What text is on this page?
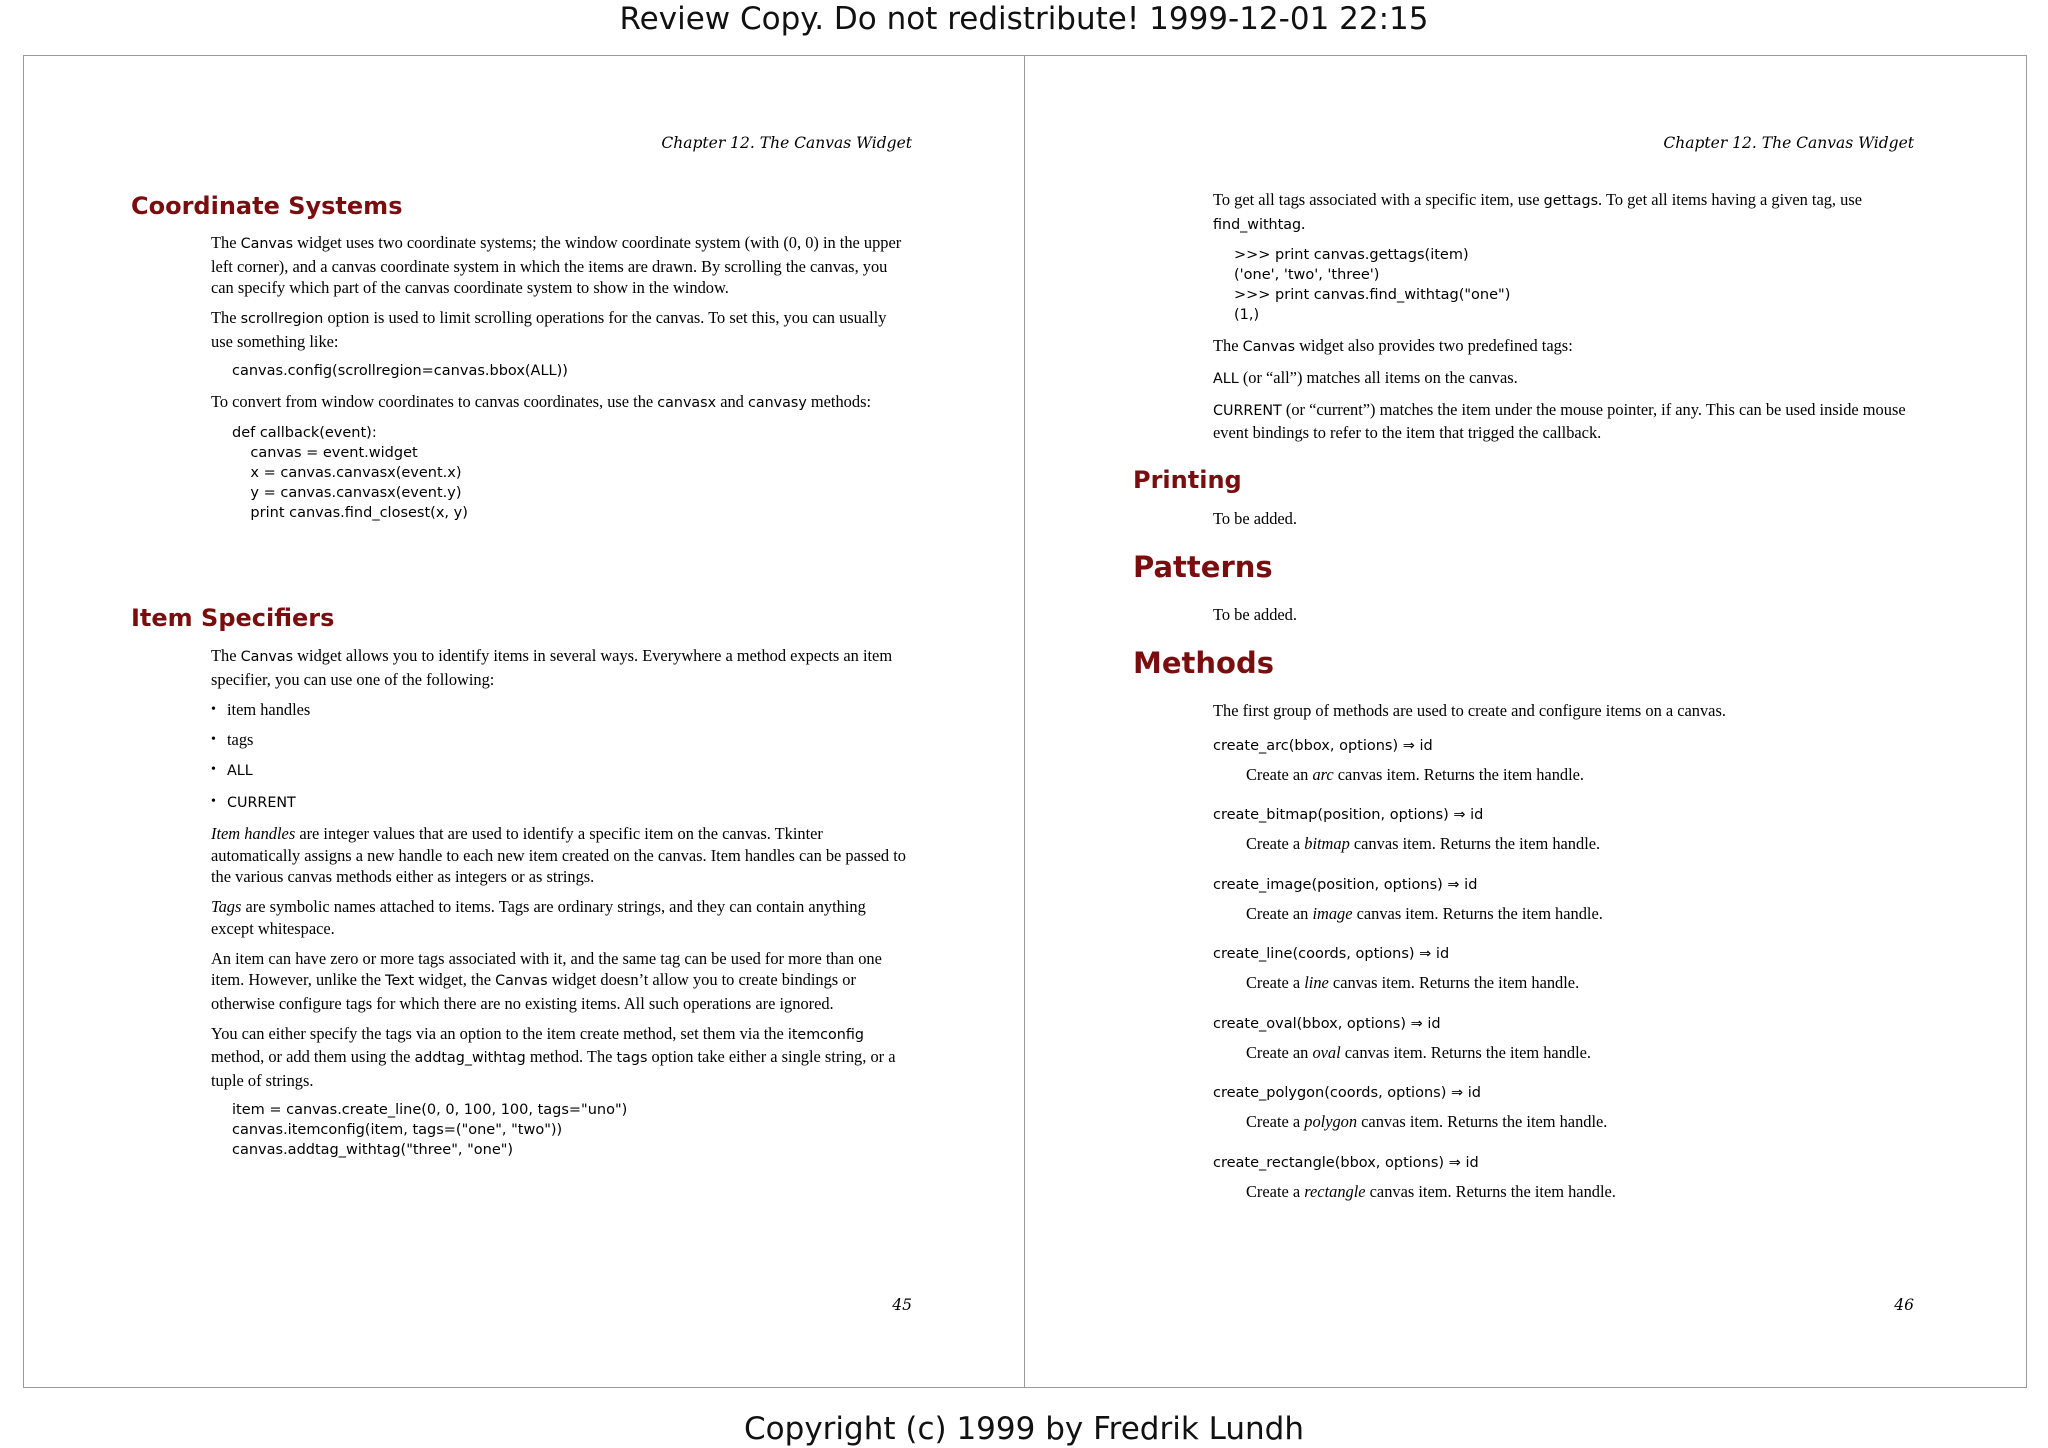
Review Copy. Do not redistribute! 1999-12-01 22:15
Chapter 12. The Canvas Widget
Coordinate Systems

The Canvas widget uses two coordinate systems; the window coordinate system (with (0, 0) in the upper left corner), and a canvas coordinate system in which the items are drawn. By scrolling the canvas, you can specify which part of the canvas coordinate system to show in the window.

The scrollregion option is used to limit scrolling operations for the canvas. To set this, you can usually use something like:

canvas.config(scrollregion=canvas.bbox(ALL))

To convert from window coordinates to canvas coordinates, use the canvasx and canvasy methods:

def callback(event):
canvas = event.widget
x = canvas.canvasx(event.x)
y = canvas.canvasx(event.y)
print canvas.find_closest(x, y)
Item Specifiers

The Canvas widget allows you to identify items in several ways. Everywhere a method expects an item specifier, you can use one of the following:

• item handles
• tags
• ALL
• CURRENT

Item handles are integer values that are used to identify a specific item on the canvas. Tkinter automatically assigns a new handle to each new item created on the canvas. Item handles can be passed to the various canvas methods either as integers or as strings.

Tags are symbolic names attached to items. Tags are ordinary strings, and they can contain anything except whitespace.

An item can have zero or more tags associated with it, and the same tag can be used for more than one item. However, unlike the Text widget, the Canvas widget doesn’t allow you to create bindings or otherwise configure tags for which there are no existing items. All such operations are ignored.

You can either specify the tags via an option to the item create method, set them via the itemconfig method, or add them using the addtag_withtag method. The tags option take either a single string, or a tuple of strings.

item = canvas.create_line(0, 0, 100, 100, tags="uno")
canvas.itemconfig(item, tags=("one", "two"))
canvas.addtag_withtag("three", "one")
45
Chapter 12. The Canvas Widget

To get all tags associated with a specific item, use gettags. To get all items having a given tag, use find_withtag.

>>> print canvas.gettags(item)
('one', 'two', 'three')
>>> print canvas.find_withtag("one")
(1,)

The Canvas widget also provides two predefined tags:

ALL (or “all”) matches all items on the canvas.

CURRENT (or “current”) matches the item under the mouse pointer, if any. This can be used inside mouse event bindings to refer to the item that trigged the callback.

Printing

To be added.

Patterns

To be added.

Methods

The first group of methods are used to create and configure items on a canvas.

create_arc(bbox, options) ⇒ id
Create an arc canvas item. Returns the item handle.
create_bitmap(position, options) ⇒ id
Create a bitmap canvas item. Returns the item handle.
create_image(position, options) ⇒ id
Create an image canvas item. Returns the item handle.
create_line(coords, options) ⇒ id
Create a line canvas item. Returns the item handle.
create_oval(bbox, options) ⇒ id
Create an oval canvas item. Returns the item handle.
create_polygon(coords, options) ⇒ id
Create a polygon canvas item. Returns the item handle.
create_rectangle(bbox, options) ⇒ id
Create a rectangle canvas item. Returns the item handle.
46
Copyright (c) 1999 by Fredrik Lundh
